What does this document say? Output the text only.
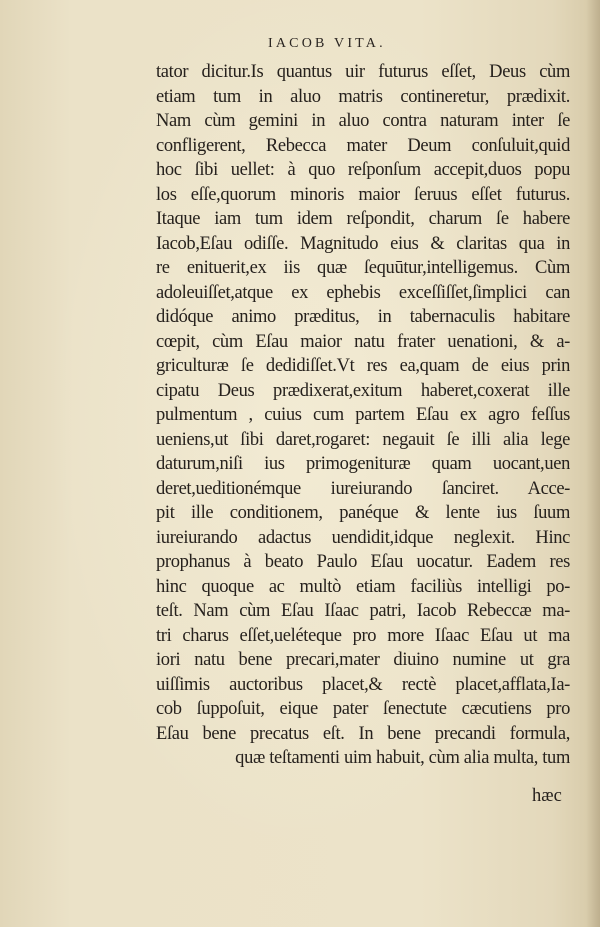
IACOB VITA.
tator dicitur.Is quantus uir futurus eſſet, Deus cùm
etiam tum in aluo matris contineretur, prædixit.
Nam cùm gemini in aluo contra naturam inter ſe
confligerent, Rebecca mater Deum conſuluit,quid
hoc ſibi uellet: à quo reſponſum accepit,duos popu
los eſſe,quorum minoris maior ſeruus eſſet futurus.
Itaque iam tum idem reſpondit, charum ſe habere
Iacob,Eſau odiſſe. Magnitudo eius & claritas qua in
re enituerit,ex iis quæ ſequūtur,intelligemus. Cùm
adoleuiſſet,atque ex ephebis exceſſiſſet,ſimplici can
didóque animo præditus, in tabernaculis habitare
cœpit, cùm Eſau maior natu frater uenationi, & a-
griculturæ ſe dedidiſſet.Vt res ea,quam de eius prin
cipatu Deus prædixerat,exitum haberet,coxerat ille
pulmentum , cuius cum partem Eſau ex agro feſſus
ueniens,ut ſibi daret,rogaret: negauit ſe illi alia lege
daturum,niſi ius primogenituræ quam uocant,uen
deret,ueditionémque iureiurando ſanciret. Acce-
pit ille conditionem, panéque & lente ius ſuum
iureiurando adactus uendidit,idque neglexit. Hinc
prophanus à beato Paulo Eſau uocatur. Eadem res
hinc quoque ac multò etiam faciliùs intelligi po-
teſt. Nam cùm Eſau Iſaac patri, Iacob Rebeccæ ma-
tri charus eſſet,ueléteque pro more Iſaac Eſau ut ma
iori natu bene precari,mater diuino numine ut gra
uiſſimis auctoribus placet,& rectè placet,afflata,Ia-
cob ſuppoſuit, eique pater ſenectute cæcutiens pro
Eſau bene precatus eſt. In bene precandi formula,
quæ teſtamenti uim habuit, cùm alia multa, tum
hæc
